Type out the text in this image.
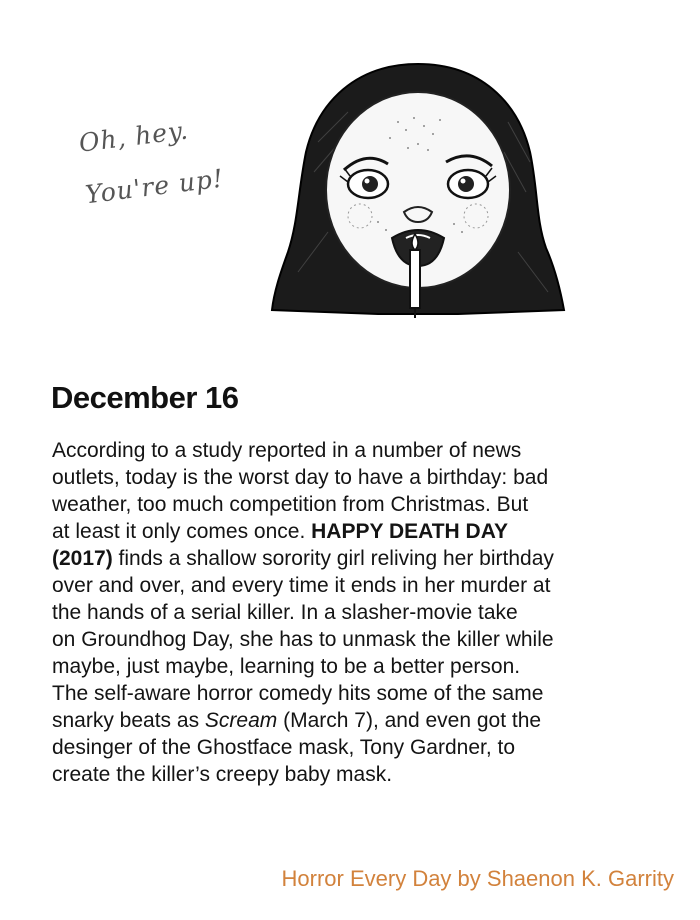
Oh, hey.
You're up!
December 16
According to a study reported in a number of news
outlets, today is the worst day to have a birthday: bad
weather, too much competition from Christmas. But
at least it only comes once. HAPPY DEATH DAY
(2017) finds a shallow sorority girl reliving her birthday
over and over, and every time it ends in her murder at
the hands of a serial killer. In a slasher-movie take
on Groundhog Day, she has to unmask the killer while
maybe, just maybe, learning to be a better person.
The self-aware horror comedy hits some of the same
snarky beats as Scream (March 7), and even got the
desinger of the Ghostface mask, Tony Gardner, to
create the killer’s creepy baby mask.
Horror Every Day by Shaenon K. Garrity
